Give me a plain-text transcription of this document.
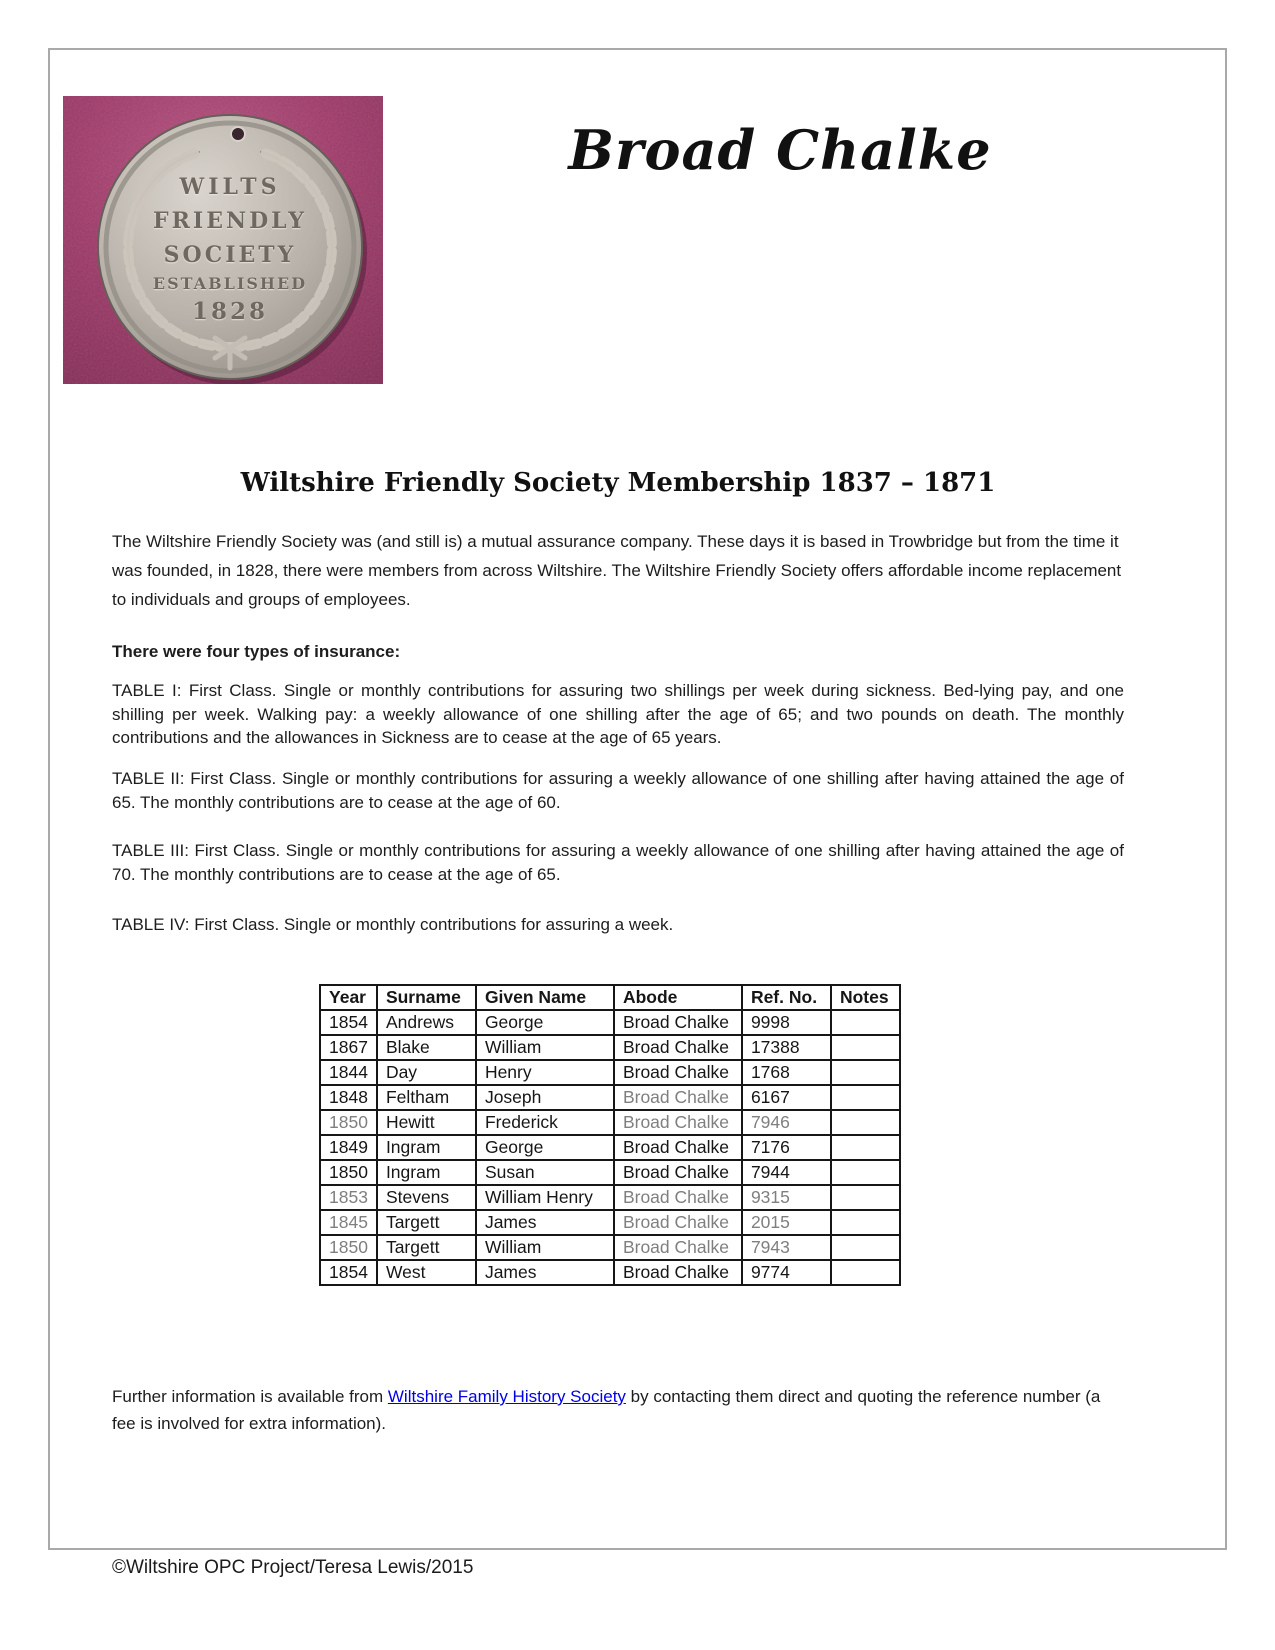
WILTS
FRIENDLY
SOCIETY
ESTABLISHED
1828
Broad Chalke
Wiltshire Friendly Society Membership 1837 – 1871
The Wiltshire Friendly Society was (and still is) a mutual assurance company. These days it is based in Trowbridge but from the time it was founded, in 1828, there were members from across Wiltshire. The Wiltshire Friendly Society offers affordable income replacement to individuals and groups of employees.
There were four types of insurance:
TABLE I: First Class. Single or monthly contributions for assuring two shillings per week during sickness. Bed-lying pay, and one shilling per week. Walking pay: a weekly allowance of one shilling after the age of 65; and two pounds on death. The monthly contributions and the allowances in Sickness are to cease at the age of 65 years.
TABLE II: First Class. Single or monthly contributions for assuring a weekly allowance of one shilling after having attained the age of 65. The monthly contributions are to cease at the age of 60.
TABLE III: First Class. Single or monthly contributions for assuring a weekly allowance of one shilling after having attained the age of 70. The monthly contributions are to cease at the age of 65.
TABLE IV: First Class. Single or monthly contributions for assuring a week.
Year	Surname	Given Name	Abode	Ref. No.	Notes
1854	Andrews	George	Broad Chalke	9998	
1867	Blake	William	Broad Chalke	17388	
1844	Day	Henry	Broad Chalke	1768	
1848	Feltham	Joseph	Broad Chalke	6167	
1850	Hewitt	Frederick	Broad Chalke	7946	
1849	Ingram	George	Broad Chalke	7176	
1850	Ingram	Susan	Broad Chalke	7944	
1853	Stevens	William Henry	Broad Chalke	9315	
1845	Targett	James	Broad Chalke	2015	
1850	Targett	William	Broad Chalke	7943	
1854	West	James	Broad Chalke	9774	
Further information is available from Wiltshire Family History Society by contacting them direct and quoting the reference number (a fee is involved for extra information).
©Wiltshire OPC Project/Teresa Lewis/2015
